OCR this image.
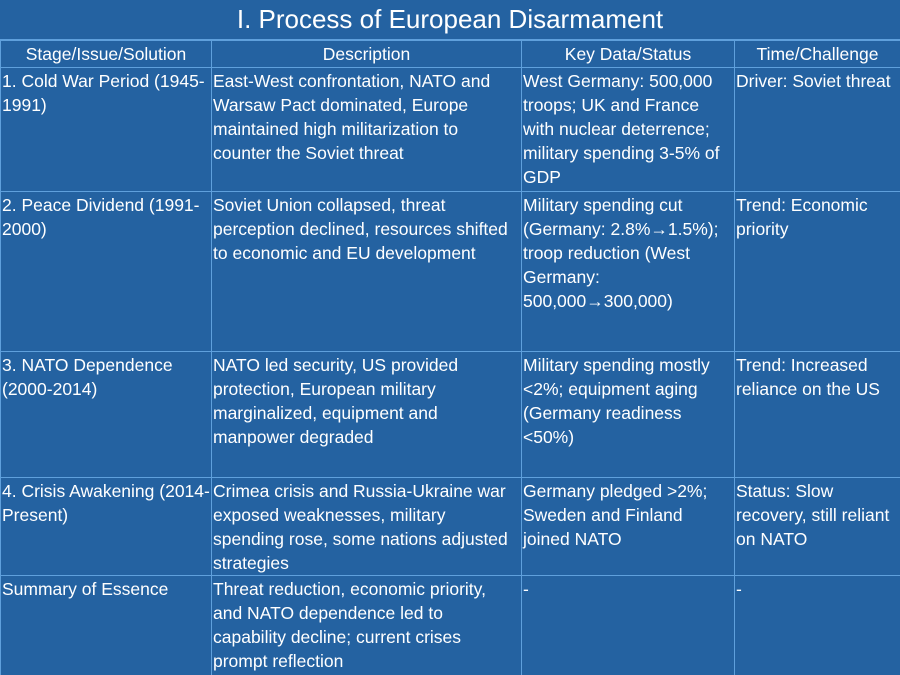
I. Process of European Disarmament
Stage/Issue/Solution	Description	Key Data/Status	Time/Challenge
1. Cold War Period (1945-1991)	East-West confrontation, NATO and Warsaw Pact dominated, Europe maintained high militarization to counter the Soviet threat	West Germany: 500,000 troops; UK and France with nuclear deterrence; military spending 3-5% of GDP	Driver: Soviet threat
2. Peace Dividend (1991-2000)	Soviet Union collapsed, threat perception declined, resources shifted to economic and EU development	Military spending cut (Germany: 2.8%→1.5%); troop reduction (West Germany: 500,000→300,000)	Trend: Economic priority
3. NATO Dependence (2000-2014)	NATO led security, US provided protection, European military marginalized, equipment and manpower degraded	Military spending mostly <2%; equipment aging (Germany readiness <50%)	Trend: Increased reliance on the US
4. Crisis Awakening (2014-Present)	Crimea crisis and Russia-Ukraine war exposed weaknesses, military spending rose, some nations adjusted strategies	Germany pledged >2%; Sweden and Finland joined NATO	Status: Slow recovery, still reliant on NATO
Summary of Essence	Threat reduction, economic priority, and NATO dependence led to capability decline; current crises prompt reflection	-	-
